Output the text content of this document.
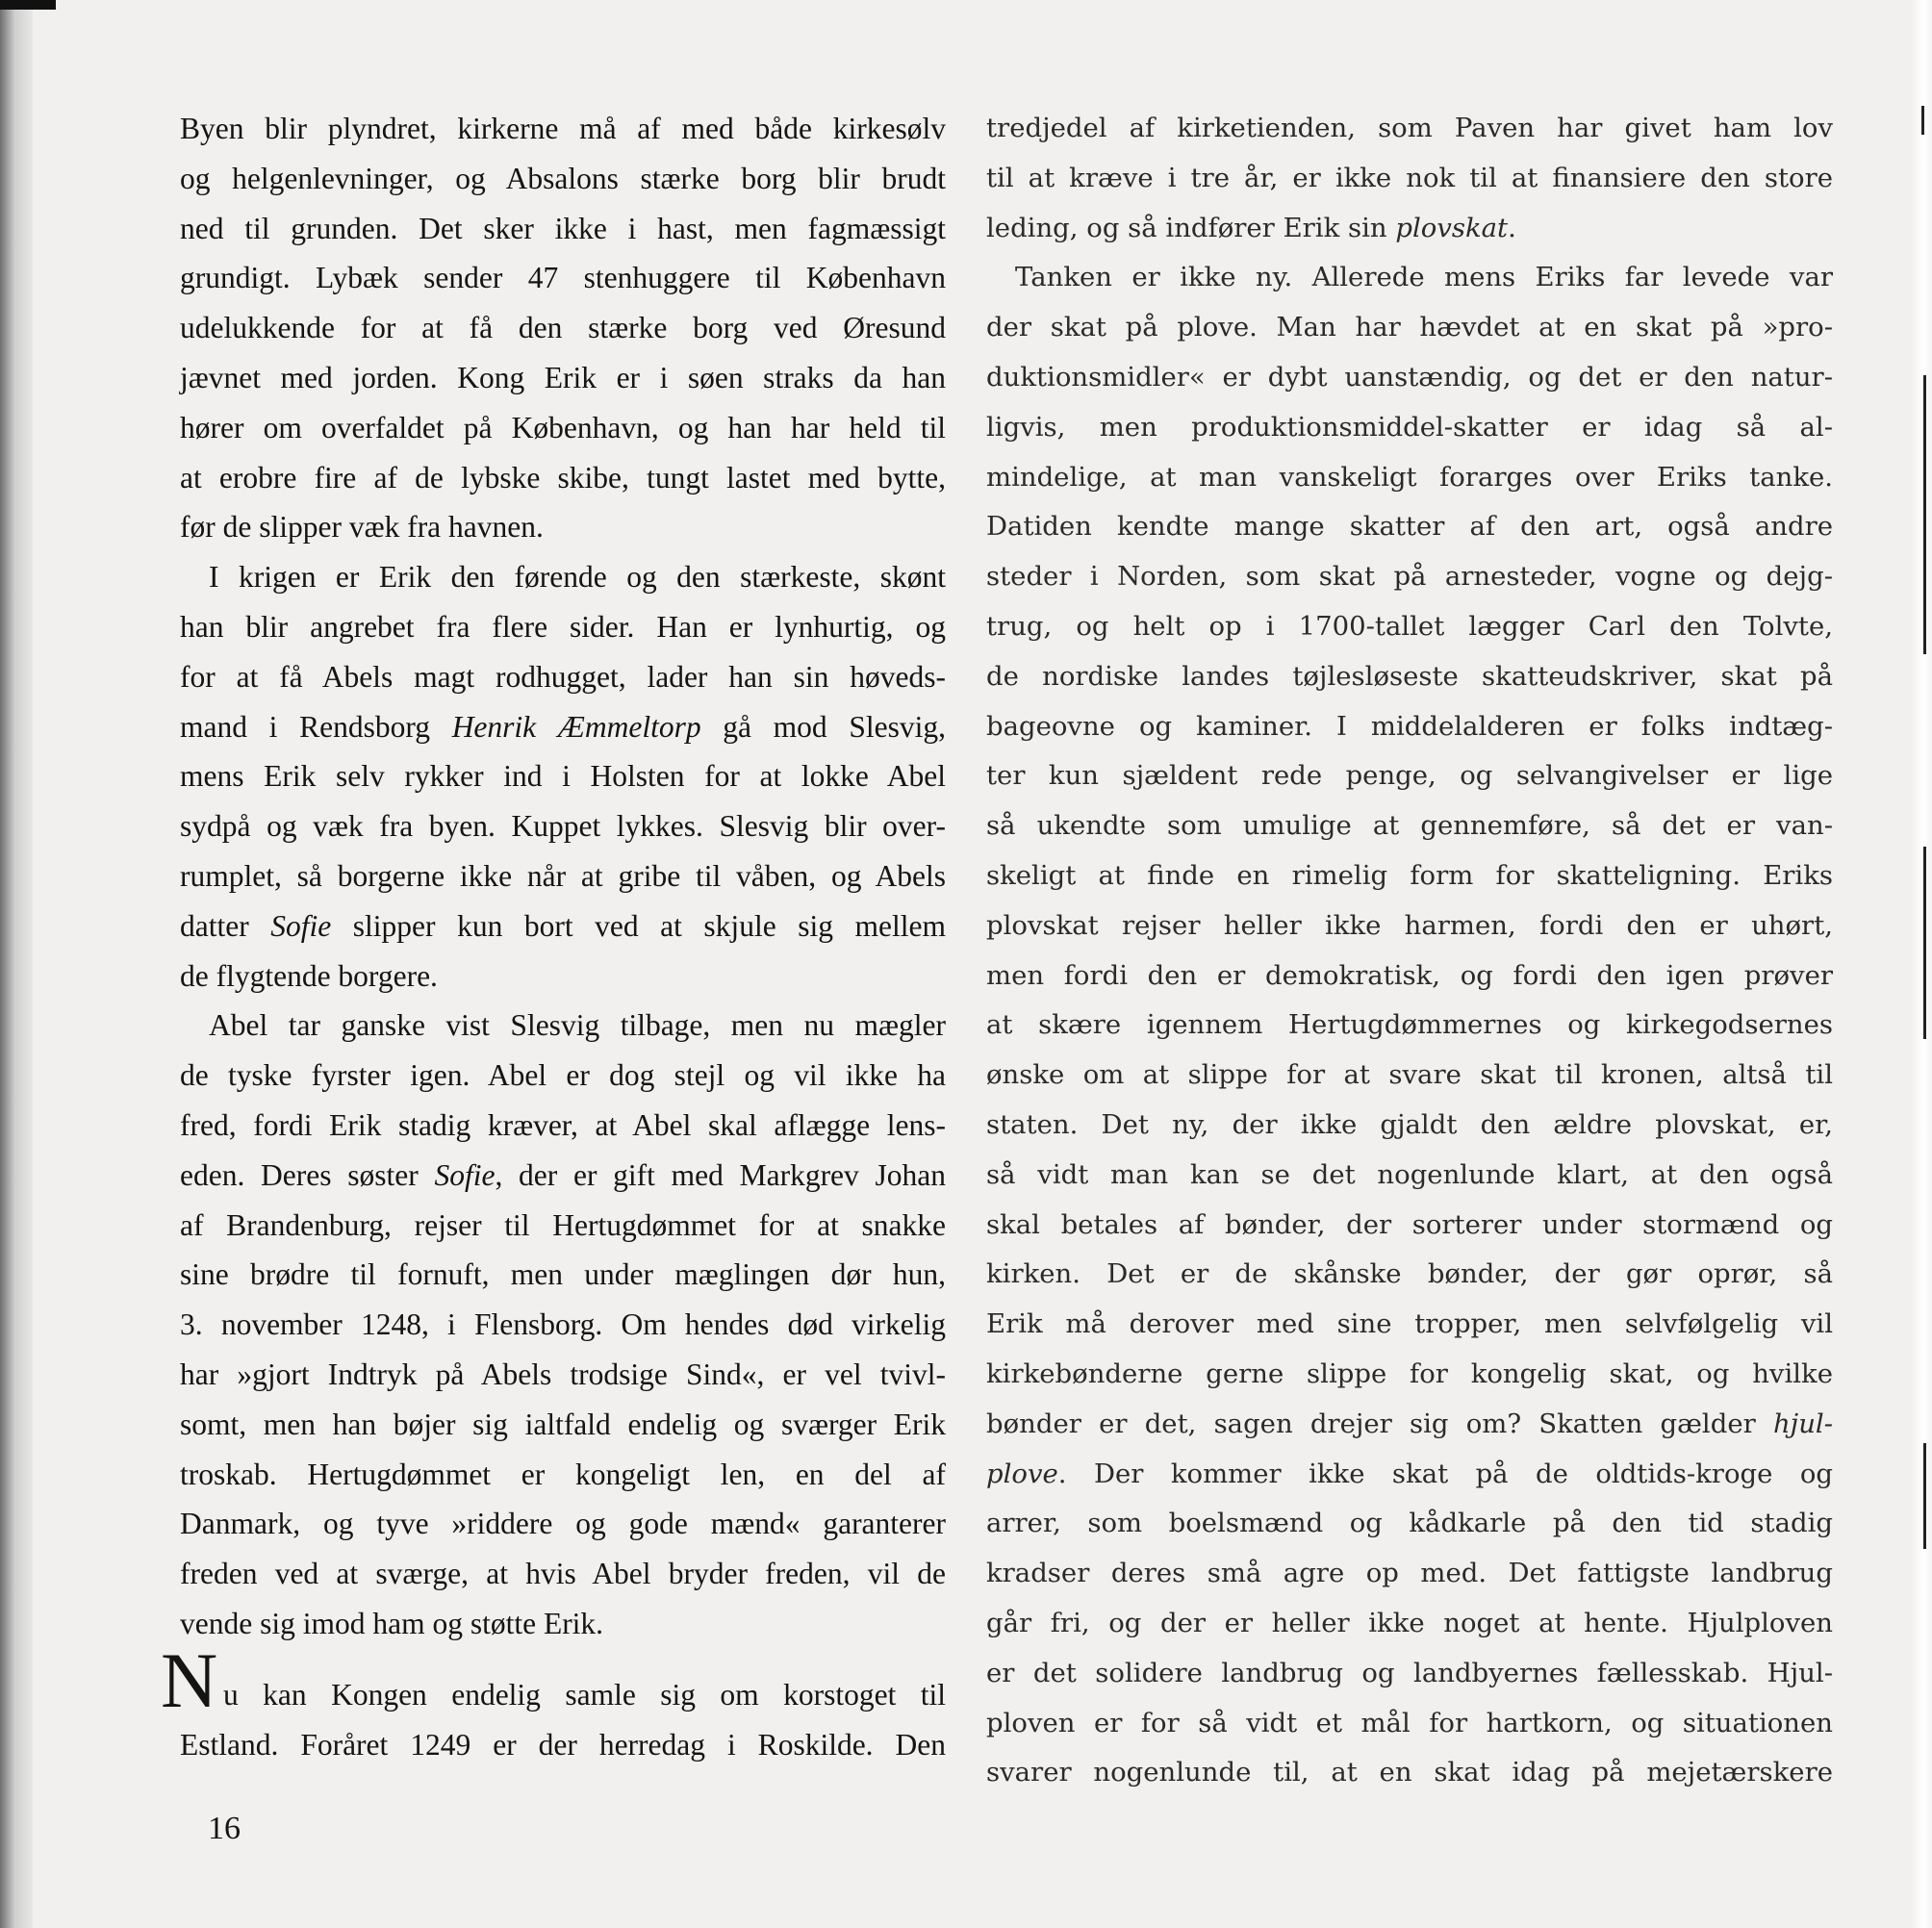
Byen blir plyndret, kirkerne må af med både kirkesølv
og helgenlevninger, og Absalons stærke borg blir brudt
ned til grunden. Det sker ikke i hast, men fagmæssigt
grundigt. Lybæk sender 47 stenhuggere til København
udelukkende for at få den stærke borg ved Øresund
jævnet med jorden. Kong Erik er i søen straks da han
hører om overfaldet på København, og han har held til
at erobre fire af de lybske skibe, tungt lastet med bytte,
før de slipper væk fra havnen.
I krigen er Erik den førende og den stærkeste, skønt
han blir angrebet fra flere sider. Han er lynhurtig, og
for at få Abels magt rodhugget, lader han sin høveds-
mand i Rendsborg Henrik Æmmeltorp gå mod Slesvig,
mens Erik selv rykker ind i Holsten for at lokke Abel
sydpå og væk fra byen. Kuppet lykkes. Slesvig blir over-
rumplet, så borgerne ikke når at gribe til våben, og Abels
datter Sofie slipper kun bort ved at skjule sig mellem
de flygtende borgere.
Abel tar ganske vist Slesvig tilbage, men nu mægler
de tyske fyrster igen. Abel er dog stejl og vil ikke ha
fred, fordi Erik stadig kræver, at Abel skal aflægge lens-
eden. Deres søster Sofie, der er gift med Markgrev Johan
af Brandenburg, rejser til Hertugdømmet for at snakke
sine brødre til fornuft, men under mæglingen dør hun,
3. november 1248, i Flensborg. Om hendes død virkelig
har »gjort Indtryk på Abels trodsige Sind«, er vel tvivl-
somt, men han bøjer sig ialtfald endelig og sværger Erik
troskab. Hertugdømmet er kongeligt len, en del af
Danmark, og tyve »riddere og gode mænd« garanterer
freden ved at sværge, at hvis Abel bryder freden, vil de
vende sig imod ham og støtte Erik.
N u kan Kongen endelig samle sig om korstoget til
Estland. Foråret 1249 er der herredag i Roskilde. Den
tredjedel af kirketienden, som Paven har givet ham lov
til at kræve i tre år, er ikke nok til at finansiere den store
leding, og så indfører Erik sin plovskat.
Tanken er ikke ny. Allerede mens Eriks far levede var
der skat på plove. Man har hævdet at en skat på »pro-
duktionsmidler« er dybt uanstændig, og det er den natur-
ligvis, men produktionsmiddel-skatter er idag så al-
mindelige, at man vanskeligt forarges over Eriks tanke.
Datiden kendte mange skatter af den art, også andre
steder i Norden, som skat på arnesteder, vogne og dejg-
trug, og helt op i 1700-tallet lægger Carl den Tolvte,
de nordiske landes tøjlesløseste skatteudskriver, skat på
bageovne og kaminer. I middelalderen er folks indtæg-
ter kun sjældent rede penge, og selvangivelser er lige
så ukendte som umulige at gennemføre, så det er van-
skeligt at finde en rimelig form for skatteligning. Eriks
plovskat rejser heller ikke harmen, fordi den er uhørt,
men fordi den er demokratisk, og fordi den igen prøver
at skære igennem Hertugdømmernes og kirkegodsernes
ønske om at slippe for at svare skat til kronen, altså til
staten. Det ny, der ikke gjaldt den ældre plovskat, er,
så vidt man kan se det nogenlunde klart, at den også
skal betales af bønder, der sorterer under stormænd og
kirken. Det er de skånske bønder, der gør oprør, så
Erik må derover med sine tropper, men selvfølgelig vil
kirkebønderne gerne slippe for kongelig skat, og hvilke
bønder er det, sagen drejer sig om? Skatten gælder hjul-
plove. Der kommer ikke skat på de oldtids-kroge og
arrer, som boelsmænd og kådkarle på den tid stadig
kradser deres små agre op med. Det fattigste landbrug
går fri, og der er heller ikke noget at hente. Hjulploven
er det solidere landbrug og landbyernes fællesskab. Hjul-
ploven er for så vidt et mål for hartkorn, og situationen
svarer nogenlunde til, at en skat idag på mejetærskere
16
